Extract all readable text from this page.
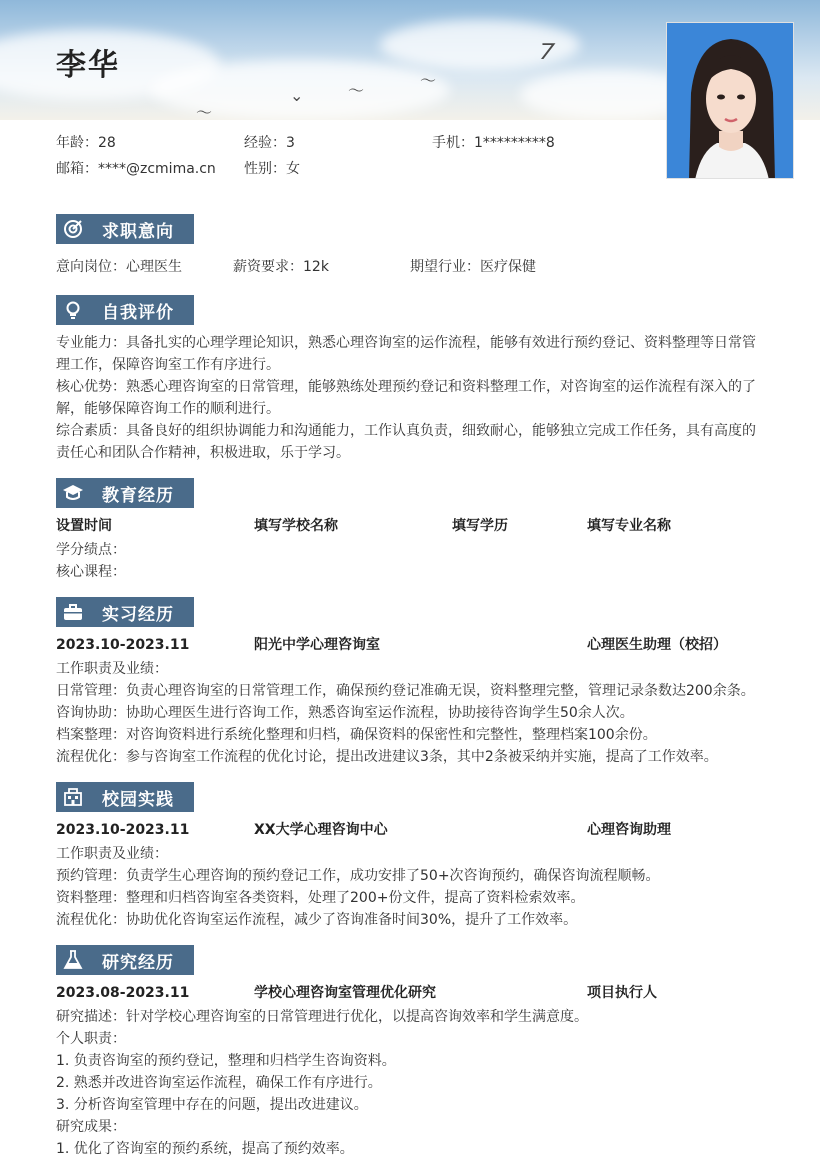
𝈒
〜
〜
⌄
〜
李华
年龄：28	经验：3	手机：1*********8
邮箱：****@zcmima.cn 性别：女
求职意向
意向岗位：心理医生	薪资要求：12k	期望行业：医疗保健
自我评价
专业能力：具备扎实的心理学理论知识，熟悉心理咨询室的运作流程，能够有效进行预约登记、资料整理等日常管
理工作，保障咨询室工作有序进行。
核心优势：熟悉心理咨询室的日常管理，能够熟练处理预约登记和资料整理工作，对咨询室的运作流程有深入的了
解，能够保障咨询工作的顺利进行。
综合素质：具备良好的组织协调能力和沟通能力，工作认真负责，细致耐心，能够独立完成工作任务，具有高度的
责任心和团队合作精神，积极进取，乐于学习。
教育经历
设置时间	填写学校名称	填写学历	填写专业名称
学分绩点：
核心课程：
实习经历
2023.10-2023.11	阳光中学心理咨询室	心理医生助理（校招）
工作职责及业绩：
日常管理：负责心理咨询室的日常管理工作，确保预约登记准确无误，资料整理完整，管理记录条数达200余条。
咨询协助：协助心理医生进行咨询工作，熟悉咨询室运作流程，协助接待咨询学生50余人次。
档案整理：对咨询资料进行系统化整理和归档，确保资料的保密性和完整性，整理档案100余份。
流程优化：参与咨询室工作流程的优化讨论，提出改进建议3条，其中2条被采纳并实施，提高了工作效率。
校园实践
2023.10-2023.11	XX大学心理咨询中心	心理咨询助理
工作职责及业绩：
预约管理：负责学生心理咨询的预约登记工作，成功安排了50+次咨询预约，确保咨询流程顺畅。
资料整理：整理和归档咨询室各类资料，处理了200+份文件，提高了资料检索效率。
流程优化：协助优化咨询室运作流程，减少了咨询准备时间30%，提升了工作效率。
研究经历
2023.08-2023.11	学校心理咨询室管理优化研究	项目执行人
研究描述：针对学校心理咨询室的日常管理进行优化，以提高咨询效率和学生满意度。
个人职责：
1. 负责咨询室的预约登记，整理和归档学生咨询资料。
2. 熟悉并改进咨询室运作流程，确保工作有序进行。
3. 分析咨询室管理中存在的问题，提出改进建议。
研究成果：
1. 优化了咨询室的预约系统，提高了预约效率。
